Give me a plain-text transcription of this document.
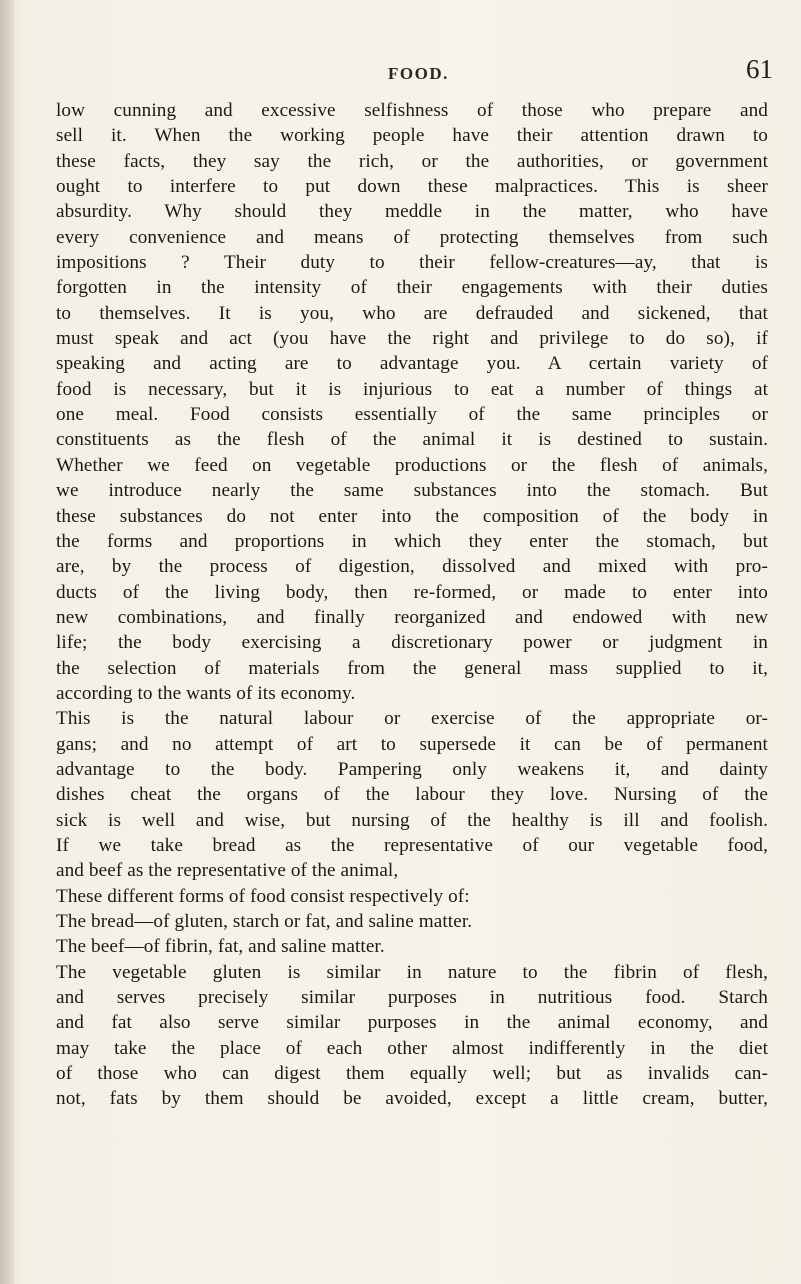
FOOD.	61
low cunning and excessive selfishness of those who prepare and
sell it. When the working people have their attention drawn to
these facts, they say the rich, or the authorities, or government
ought to interfere to put down these malpractices. This is sheer
absurdity. Why should they meddle in the matter, who have
every convenience and means of protecting themselves from such
impositions ? Their duty to their fellow-creatures—ay, that is
forgotten in the intensity of their engagements with their duties
to themselves. It is you, who are defrauded and sickened, that
must speak and act (you have the right and privilege to do so), if
speaking and acting are to advantage you. A certain variety of
food is necessary, but it is injurious to eat a number of things at
one meal. Food consists essentially of the same principles or
constituents as the flesh of the animal it is destined to sustain.
Whether we feed on vegetable productions or the flesh of animals,
we introduce nearly the same substances into the stomach. But
these substances do not enter into the composition of the body in
the forms and proportions in which they enter the stomach, but
are, by the process of digestion, dissolved and mixed with pro-
ducts of the living body, then re-formed, or made to enter into
new combinations, and finally reorganized and endowed with new
life; the body exercising a discretionary power or judgment in
the selection of materials from the general mass supplied to it,
according to the wants of its economy.
This is the natural labour or exercise of the appropriate or-
gans; and no attempt of art to supersede it can be of permanent
advantage to the body. Pampering only weakens it, and dainty
dishes cheat the organs of the labour they love. Nursing of the
sick is well and wise, but nursing of the healthy is ill and foolish.
If we take bread as the representative of our vegetable food,
and beef as the representative of the animal,
These different forms of food consist respectively of:
The bread—of gluten, starch or fat, and saline matter.
The beef—of fibrin, fat, and saline matter.
The vegetable gluten is similar in nature to the fibrin of flesh,
and serves precisely similar purposes in nutritious food. Starch
and fat also serve similar purposes in the animal economy, and
may take the place of each other almost indifferently in the diet
of those who can digest them equally well; but as invalids can-
not, fats by them should be avoided, except a little cream, butter,
